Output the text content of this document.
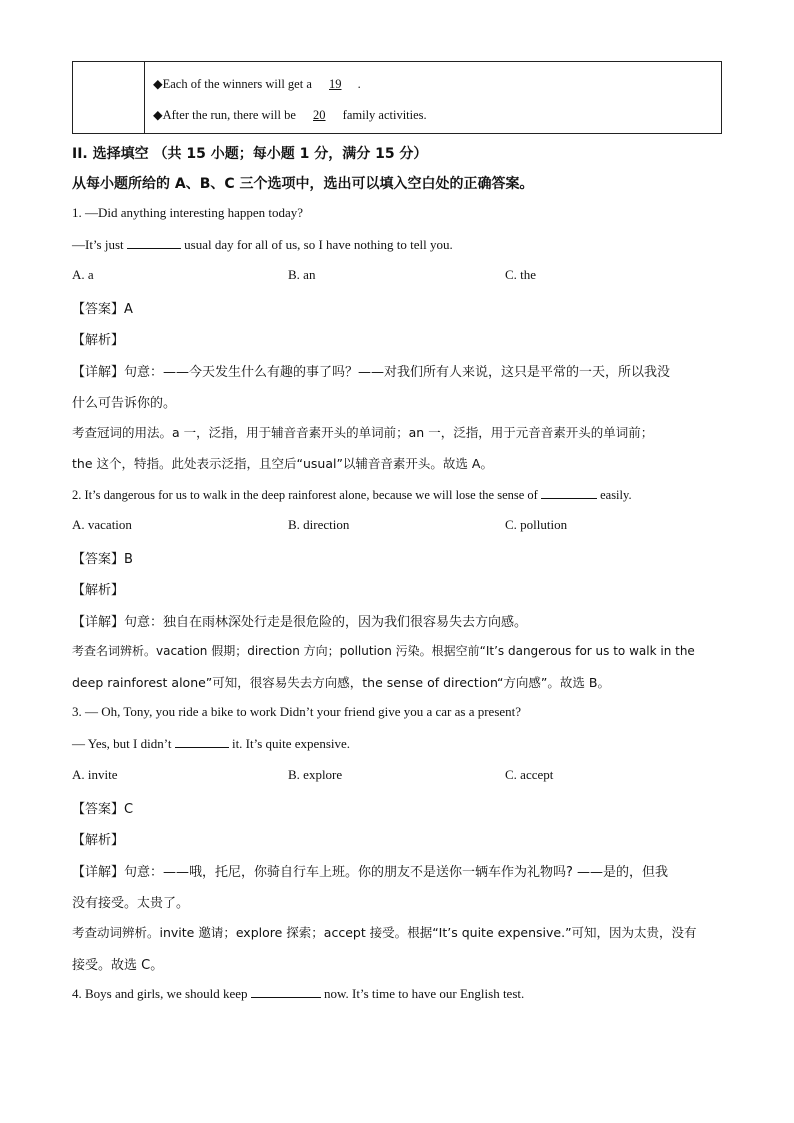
◆Each of the winners will get a 19 .
◆After the run, there will be 20 family activities.
II. 选择填空 （共 15 小题；每小题 1 分，满分 15 分）
从每小题所给的 A、B、C 三个选项中，选出可以填入空白处的正确答案。
1. —Did anything interesting happen today?
—It’s just	usual day for all of us, so I have nothing to tell you.
A. a	B. an	C. the
【答案】A
【解析】
【详解】句意：——今天发生什么有趣的事了吗？——对我们所有人来说，这只是平常的一天，所以我没
什么可告诉你的。
考查冠词的用法。a 一，泛指，用于辅音音素开头的单词前；an 一，泛指，用于元音音素开头的单词前；
the 这个，特指。此处表示泛指，且空后“usual”以辅音音素开头。故选 A。
2. It’s dangerous for us to walk in the deep rainforest alone, because we will lose the sense of	easily.
A. vacation	B. direction	C. pollution
【答案】B
【解析】
【详解】句意：独自在雨林深处行走是很危险的，因为我们很容易失去方向感。
考查名词辨析。vacation 假期；direction 方向；pollution 污染。根据空前“It’s dangerous for us to walk in the
deep rainforest alone”可知，很容易失去方向感，the sense of direction“方向感”。故选 B。
3. — Oh, Tony, you ride a bike to work Didn’t your friend give you a car as a present?
— Yes, but I didn’t	it. It’s quite expensive.
A. invite	B. explore	C. accept
【答案】C
【解析】
【详解】句意：——哦，托尼，你骑自行车上班。你的朋友不是送你一辆车作为礼物吗? ——是的，但我
没有接受。太贵了。
考查动词辨析。invite 邀请；explore 探索；accept 接受。根据“It’s quite expensive.”可知，因为太贵，没有
接受。故选 C。
4. Boys and girls, we should keep	now. It’s time to have our English test.
